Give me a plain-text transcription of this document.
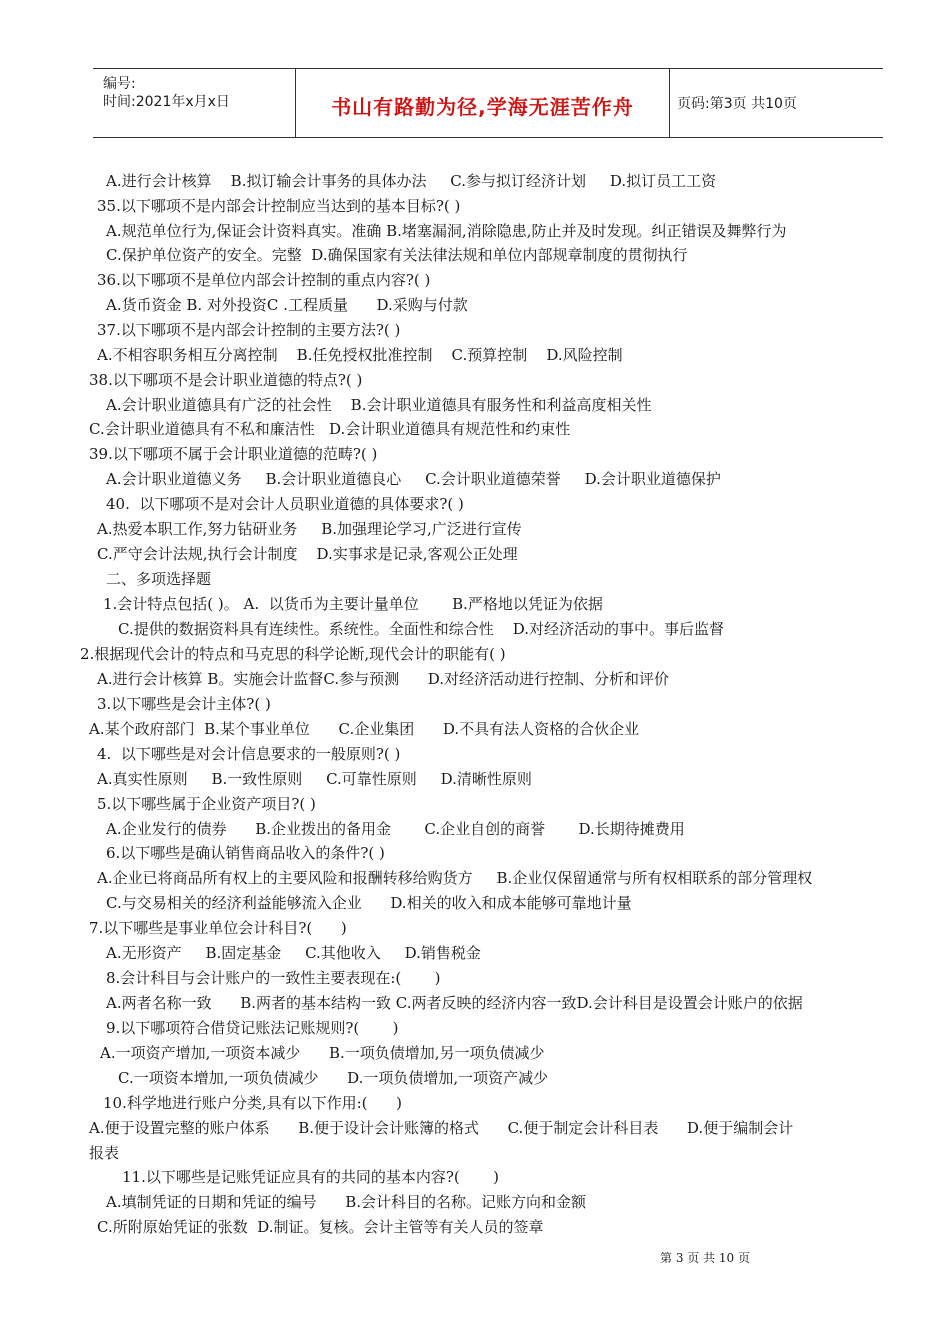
编号:
时间:2021年x月x日	书山有路勤为径,学海无涯苦作舟	页码:第3页 共10页
A.进行会计核算    B.拟订输会计事务的具体办法     C.参与拟订经济计划     D.拟订员工工资
35.以下哪项不是内部会计控制应当达到的基本目标?( )
A.规范单位行为,保证会计资料真实。准确 B.堵塞漏洞,消除隐患,防止并及时发现。纠正错误及舞弊行为
C.保护单位资产的安全。完整  D.确保国家有关法律法规和单位内部规章制度的贯彻执行
36.以下哪项不是单位内部会计控制的重点内容?( )
A.货币资金 B. 对外投资C .工程质量      D.采购与付款
37.以下哪项不是内部会计控制的主要方法?( )
A.不相容职务相互分离控制    B.任免授权批准控制    C.预算控制    D.风险控制
38.以下哪项不是会计职业道德的特点?( )
A.会计职业道德具有广泛的社会性    B.会计职业道德具有服务性和利益高度相关性
C.会计职业道德具有不私和廉洁性   D.会计职业道德具有规范性和约束性
39.以下哪项不属于会计职业道德的范畴?( )
A.会计职业道德义务     B.会计职业道德良心     C.会计职业道德荣誉     D.会计职业道德保护
40.  以下哪项不是对会计人员职业道德的具体要求?( )
A.热爱本职工作,努力钻研业务     B.加强理论学习,广泛进行宣传
C.严守会计法规,执行会计制度    D.实事求是记录,客观公正处理
二、多项选择题
1.会计特点包括( )。 A.  以货币为主要计量单位       B.严格地以凭证为依据
C.提供的数据资料具有连续性。系统性。全面性和综合性    D.对经济活动的事中。事后监督
2.根据现代会计的特点和马克思的科学论断,现代会计的职能有( )
A.进行会计核算 B。实施会计监督C.参与预测      D.对经济活动进行控制、分析和评价
3.以下哪些是会计主体?( )
A.某个政府部门  B.某个事业单位      C.企业集团      D.不具有法人资格的合伙企业
4.  以下哪些是对会计信息要求的一般原则?( )
A.真实性原则     B.一致性原则     C.可靠性原则     D.清晰性原则
5.以下哪些属于企业资产项目?( )
A.企业发行的债券      B.企业拨出的备用金       C.企业自创的商誉       D.长期待摊费用
6.以下哪些是确认销售商品收入的条件?( )
A.企业已将商品所有权上的主要风险和报酬转移给购货方     B.企业仅保留通常与所有权相联系的部分管理权
C.与交易相关的经济利益能够流入企业      D.相关的收入和成本能够可靠地计量
7.以下哪些是事业单位会计科目?(      )
A.无形资产     B.固定基金     C.其他收入     D.销售税金
8.会计科目与会计账户的一致性主要表现在:(       )
A.两者名称一致      B.两者的基本结构一致 C.两者反映的经济内容一致D.会计科目是设置会计账户的依据
9.以下哪项符合借贷记账法记账规则?(       )
A.一项资产增加,一项资本减少      B.一项负债增加,另一项负债减少
C.一项资本增加,一项负债减少      D.一项负债增加,一项资产减少
10.科学地进行账户分类,具有以下作用:(      )
A.便于设置完整的账户体系      B.便于设计会计账簿的格式      C.便于制定会计科目表      D.便于编制会计
报表
11.以下哪些是记账凭证应具有的共同的基本内容?(       )
A.填制凭证的日期和凭证的编号      B.会计科目的名称。记账方向和金额
C.所附原始凭证的张数  D.制证。复核。会计主管等有关人员的签章
第 3 页 共 10 页
